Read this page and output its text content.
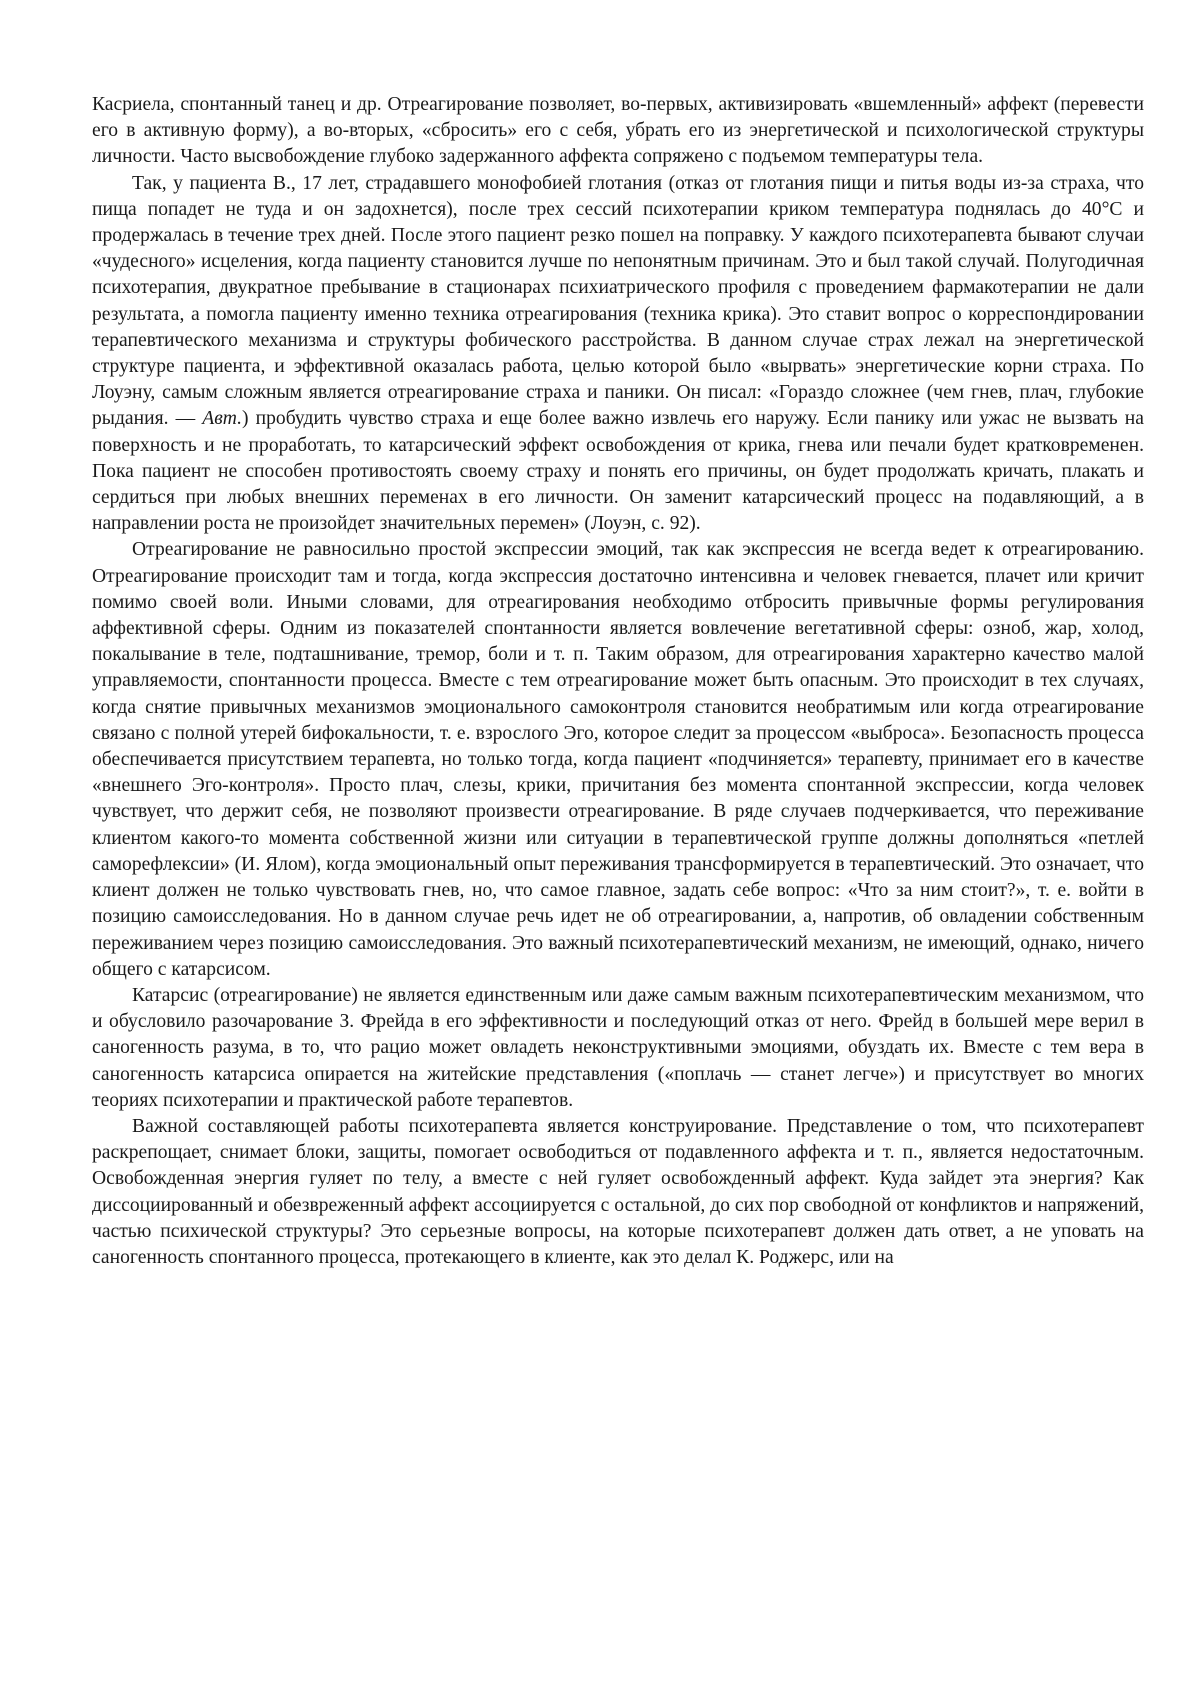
Касриела, спонтанный танец и др. Отреагирование позволяет, во-первых, активизировать «вшемленный» аффект (перевести его в активную форму), а во-вторых, «сбросить» его с себя, убрать его из энергетической и психологической структуры личности. Часто высвобождение глубоко задержанного аффекта сопряжено с подъемом температуры тела.

Так, у пациента В., 17 лет, страдавшего монофобией глотания (отказ от глотания пищи и питья воды из-за страха, что пища попадет не туда и он задохнется), после трех сессий психотерапии криком температура поднялась до 40°С и продержалась в течение трех дней. После этого пациент резко пошел на поправку. У каждого психотерапевта бывают случаи «чудесного» исцеления, когда пациенту становится лучше по непонятным причинам. Это и был такой случай. Полугодичная психотерапия, двукратное пребывание в стационарах психиатрического профиля с проведением фармакотерапии не дали результата, а помогла пациенту именно техника отреагирования (техника крика). Это ставит вопрос о корреспондировании терапевтического механизма и структуры фобического расстройства. В данном случае страх лежал на энергетической структуре пациента, и эффективной оказалась работа, целью которой было «вырвать» энергетические корни страха. По Лоуэну, самым сложным является отреагирование страха и паники. Он писал: «Гораздо сложнее (чем гнев, плач, глубокие рыдания. — Авт.) пробудить чувство страха и еще более важно извлечь его наружу. Если панику или ужас не вызвать на поверхность и не проработать, то катарсический эффект освобождения от крика, гнева или печали будет кратковременен. Пока пациент не способен противостоять своему страху и понять его причины, он будет продолжать кричать, плакать и сердиться при любых внешних переменах в его личности. Он заменит катарсический процесс на подавляющий, а в направлении роста не произойдет значительных перемен» (Лоуэн, с. 92).

Отреагирование не равносильно простой экспрессии эмоций, так как экспрессия не всегда ведет к отреагированию. Отреагирование происходит там и тогда, когда экспрессия достаточно интенсивна и человек гневается, плачет или кричит помимо своей воли. Иными словами, для отреагирования необходимо отбросить привычные формы регулирования аффективной сферы. Одним из показателей спонтанности является вовлечение вегетативной сферы: озноб, жар, холод, покалывание в теле, подташнивание, тремор, боли и т. п. Таким образом, для отреагирования характерно качество малой управляемости, спонтанности процесса. Вместе с тем отреагирование может быть опасным. Это происходит в тех случаях, когда снятие привычных механизмов эмоционального самоконтроля становится необратимым или когда отреагирование связано с полной утерей бифокальности, т. е. взрослого Эго, которое следит за процессом «выброса». Безопасность процесса обеспечивается присутствием терапевта, но только тогда, когда пациент «подчиняется» терапевту, принимает его в качестве «внешнего Эго-контроля». Просто плач, слезы, крики, причитания без момента спонтанной экспрессии, когда человек чувствует, что держит себя, не позволяют произвести отреагирование. В ряде случаев подчеркивается, что переживание клиентом какого-то момента собственной жизни или ситуации в терапевтической группе должны дополняться «петлей саморефлексии» (И. Ялом), когда эмоциональный опыт переживания трансформируется в терапевтический. Это означает, что клиент должен не только чувствовать гнев, но, что самое главное, задать себе вопрос: «Что за ним стоит?», т. е. войти в позицию самоисследования. Но в данном случае речь идет не об отреагировании, а, напротив, об овладении собственным переживанием через позицию самоисследования. Это важный психотерапевтический механизм, не имеющий, однако, ничего общего с катарсисом.

Катарсис (отреагирование) не является единственным или даже самым важным психотерапевтическим механизмом, что и обусловило разочарование З. Фрейда в его эффективности и последующий отказ от него. Фрейд в большей мере верил в саногенность разума, в то, что рацио может овладеть неконструктивными эмоциями, обуздать их. Вместе с тем вера в саногенность катарсиса опирается на житейские представления («поплачь — станет легче») и присутствует во многих теориях психотерапии и практической работе терапевтов.

Важной составляющей работы психотерапевта является конструирование. Представление о том, что психотерапевт раскрепощает, снимает блоки, защиты, помогает освободиться от подавленного аффекта и т. п., является недостаточным. Освобожденная энергия гуляет по телу, а вместе с ней гуляет освобожденный аффект. Куда зайдет эта энергия? Как диссоциированный и обезвреженный аффект ассоциируется с остальной, до сих пор свободной от конфликтов и напряжений, частью психической структуры? Это серьезные вопросы, на которые психотерапевт должен дать ответ, а не уповать на саногенность спонтанного процесса, протекающего в клиенте, как это делал К. Роджерс, или на
